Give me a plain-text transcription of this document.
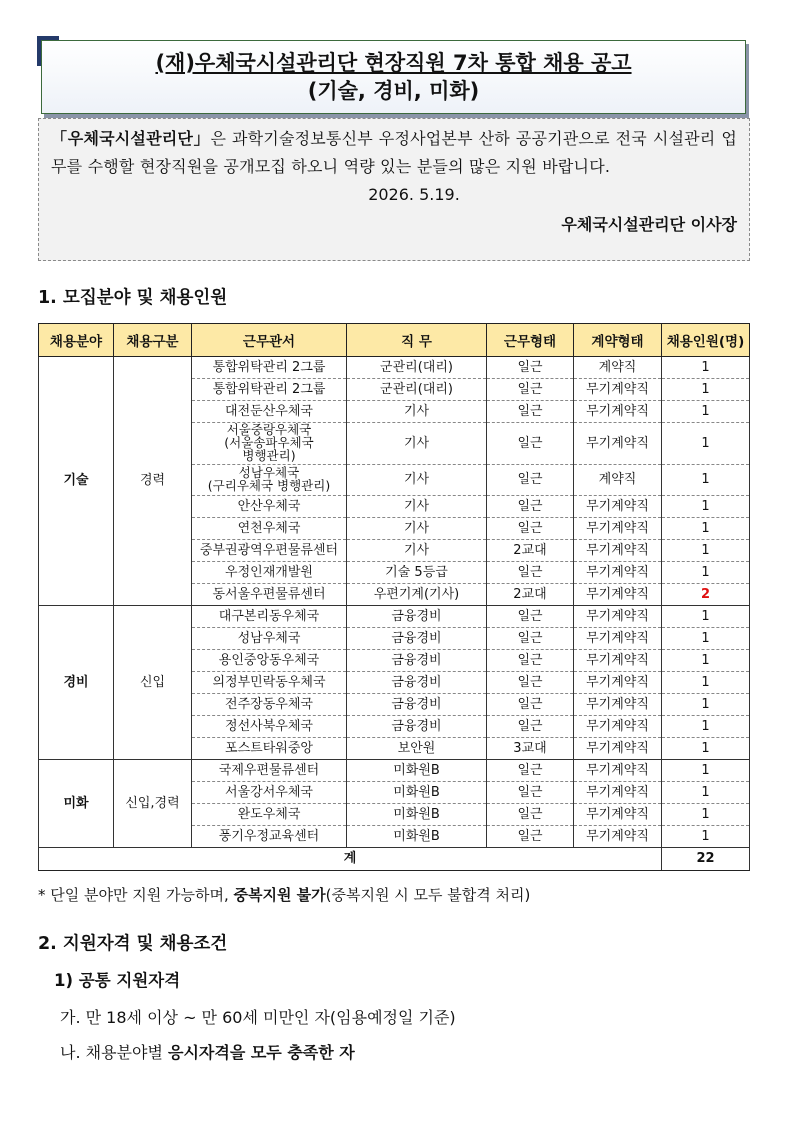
(재)우체국시설관리단 현장직원 7차 통합 채용 공고
(기술, 경비, 미화)
「우체국시설관리단」은 과학기술정보통신부 우정사업본부 산하 공공기관으로 전국 시설관리 업무를 수행할 현장직원을 공개모집 하오니 역량 있는 분들의 많은 지원 바랍니다.
2026. 5.19.
우체국시설관리단 이사장
1. 모집분야 및 채용인원
채용분야	채용구분	근무관서	직 무	근무형태	계약형태	채용인원(명)
기술	경력	통합위탁관리 2그룹	군관리(대리)	일근	계약직	1
		통합위탁관리 2그룹	군관리(대리)	일근	무기계약직	1
		대전둔산우체국	기사	일근	무기계약직	1
		서울중랑우체국
(서울송파우체국
병행관리)	기사	일근	무기계약직	1
		성남우체국
(구리우체국 병행관리)	기사	일근	계약직	1
		안산우체국	기사	일근	무기계약직	1
		연천우체국	기사	일근	무기계약직	1
		중부권광역우편물류센터	기사	2교대	무기계약직	1
		우정인재개발원	기술 5등급	일근	무기계약직	1
		동서울우편물류센터	우편기계(기사)	2교대	무기계약직	2
경비	신입	대구본리동우체국	금융경비	일근	무기계약직	1
		성남우체국	금융경비	일근	무기계약직	1
		용인중앙동우체국	금융경비	일근	무기계약직	1
		의정부민락동우체국	금융경비	일근	무기계약직	1
		전주장동우체국	금융경비	일근	무기계약직	1
		정선사북우체국	금융경비	일근	무기계약직	1
		포스트타워중앙	보안원	3교대	무기계약직	1
미화	신입,경력	국제우편물류센터	미화원B	일근	무기계약직	1
		서울강서우체국	미화원B	일근	무기계약직	1
		완도우체국	미화원B	일근	무기계약직	1
		풍기우정교육센터	미화원B	일근	무기계약직	1
계						22
* 단일 분야만 지원 가능하며, 중복지원 불가(중복지원 시 모두 불합격 처리)
2. 지원자격 및 채용조건
1) 공통 지원자격
가. 만 18세 이상 ~ 만 60세 미만인 자(임용예정일 기준)
나. 채용분야별 응시자격을 모두 충족한 자
